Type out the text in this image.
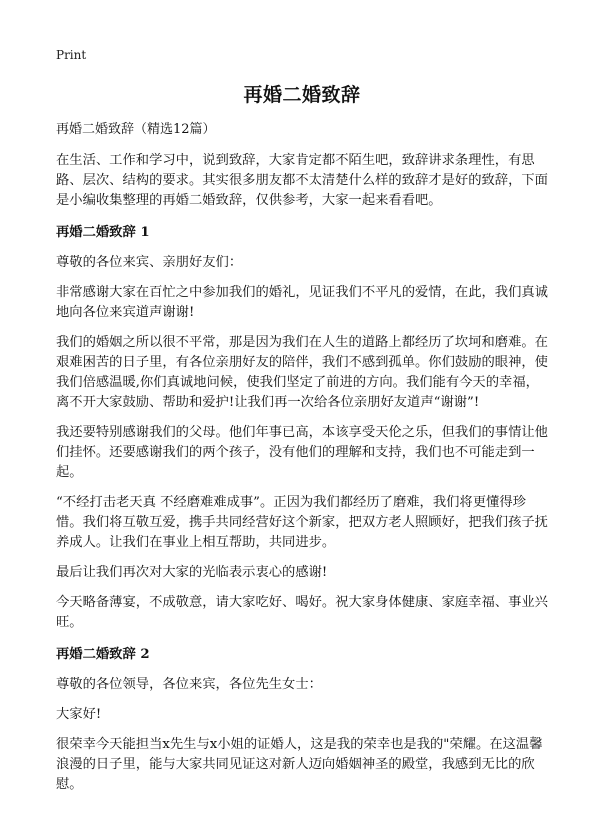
Print
再婚二婚致辞
再婚二婚致辞（精选12篇）

在生活、工作和学习中，说到致辞，大家肯定都不陌生吧，致辞讲求条理性，有思路、层次、结构的要求。其实很多朋友都不太清楚什么样的致辞才是好的致辞，下面是小编收集整理的再婚二婚致辞，仅供参考，大家一起来看看吧。

再婚二婚致辞 1

尊敬的各位来宾、亲朋好友们：

非常感谢大家在百忙之中参加我们的婚礼，见证我们不平凡的爱情，在此，我们真诚地向各位来宾道声谢谢!

我们的婚姻之所以很不平常，那是因为我们在人生的道路上都经历了坎坷和磨难。在艰难困苦的日子里，有各位亲朋好友的陪伴，我们不感到孤单。你们鼓励的眼神，使我们倍感温暖,你们真诚地问候，使我们坚定了前进的方向。我们能有今天的幸福，离不开大家鼓励、帮助和爱护!让我们再一次给各位亲朋好友道声“谢谢”!

我还要特别感谢我们的父母。他们年事已高，本该享受天伦之乐，但我们的事情让他们挂怀。还要感谢我们的两个孩子，没有他们的理解和支持，我们也不可能走到一起。

“不经打击老天真 不经磨难难成事”。正因为我们都经历了磨难，我们将更懂得珍惜。我们将互敬互爱，携手共同经营好这个新家，把双方老人照顾好，把我们孩子抚养成人。让我们在事业上相互帮助，共同进步。

最后让我们再次对大家的光临表示衷心的感谢!

今天略备薄宴，不成敬意，请大家吃好、喝好。祝大家身体健康、家庭幸福、事业兴旺。

再婚二婚致辞 2

尊敬的各位领导，各位来宾，各位先生女士：

大家好!

很荣幸今天能担当x先生与x小姐的证婚人，这是我的荣幸也是我的"荣耀。在这温馨浪漫的日子里，能与大家共同见证这对新人迈向婚姻神圣的殿堂，我感到无比的欣慰。
